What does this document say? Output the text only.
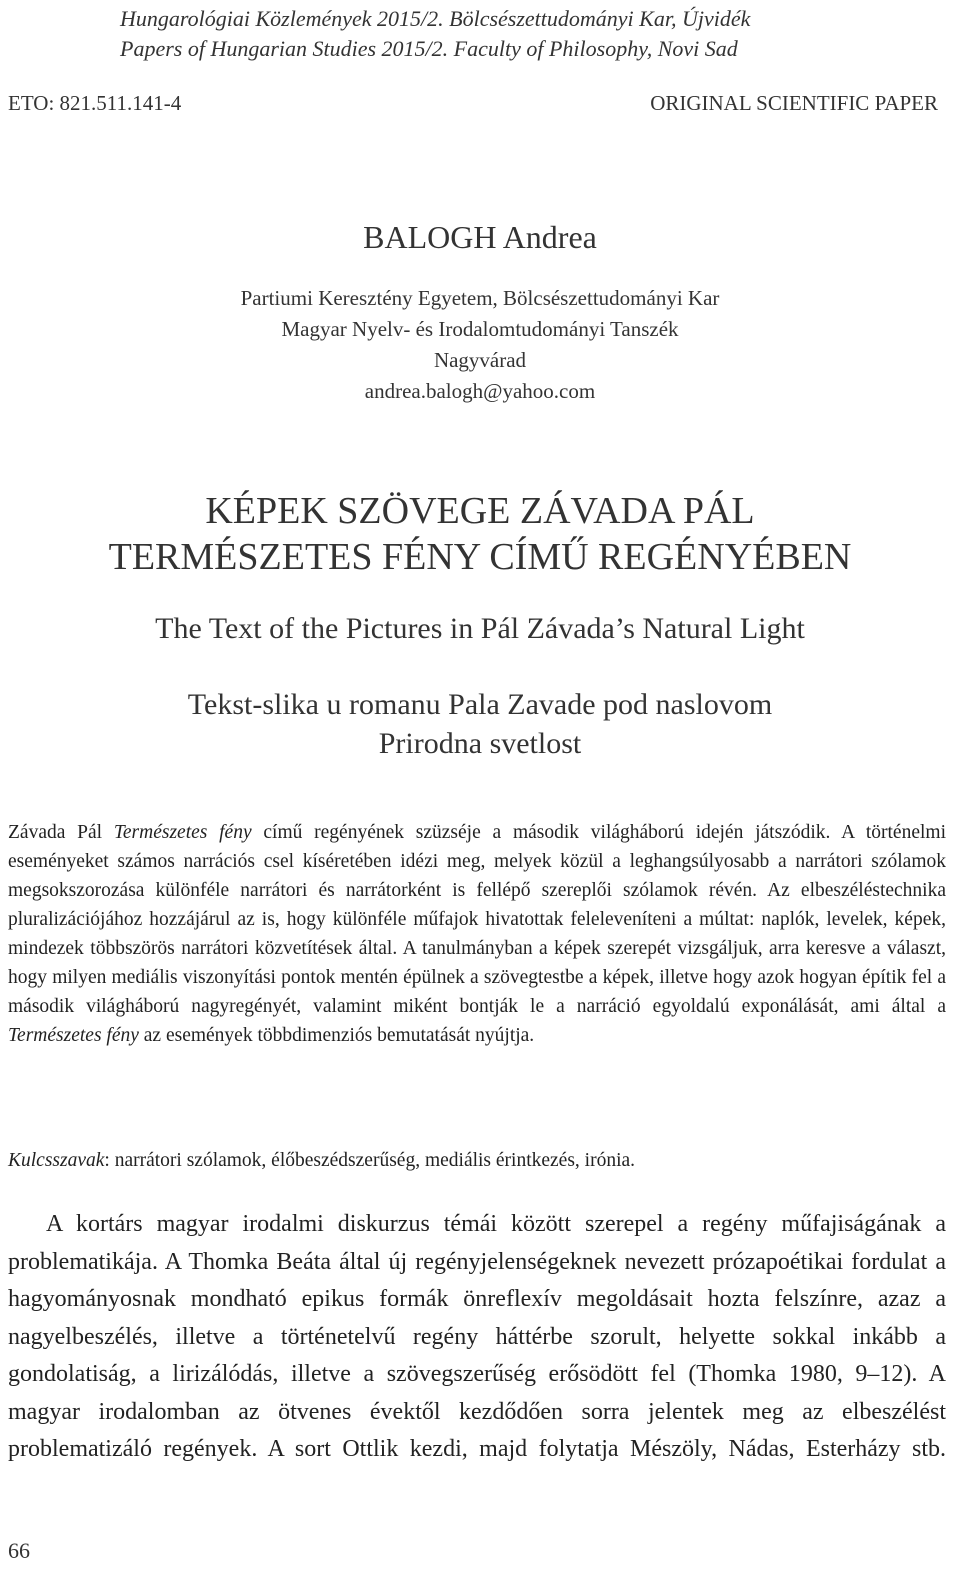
Hungarológiai Közlemények 2015/2. Bölcsészettudományi Kar, Újvidék
Papers of Hungarian Studies 2015/2. Faculty of Philosophy, Novi Sad
ETO: 821.511.141-4	ORIGINAL SCIENTIFIC PAPER
BALOGH Andrea
Partiumi Keresztény Egyetem, Bölcsészettudományi Kar
Magyar Nyelv- és Irodalomtudományi Tanszék
Nagyvárad
andrea.balogh@yahoo.com
KÉPEK SZÖVEGE ZÁVADA PÁL
TERMÉSZETES FÉNY CÍMŰ REGÉNYÉBEN
The Text of the Pictures in Pál Závada’s Natural Light
Tekst-slika u romanu Pala Zavade pod naslovom
Prirodna svetlost
Závada Pál Természetes fény című regényének szüzséje a második világháború idején játszódik. A történelmi eseményeket számos narrációs csel kíséretében idézi meg, melyek közül a leghangsúlyosabb a narrátori szólamok megsokszorozása különféle narrátori és narrátorként is fellépő szereplői szólamok révén. Az elbeszéléstechnika pluralizációjához hozzájárul az is, hogy különféle műfajok hivatottak feleleveníteni a múltat: naplók, levelek, képek, mindezek többszörös narrátori közvetítések által. A tanulmányban a képek szerepét vizsgáljuk, arra keresve a választ, hogy milyen mediális viszonyítási pontok mentén épülnek a szövegtestbe a képek, illetve hogy azok hogyan építik fel a második világháború nagyregényét, valamint miként bontják le a narráció egyoldalú exponálását, ami által a Természetes fény az események többdimenziós bemutatását nyújtja.
Kulcsszavak: narrátori szólamok, élőbeszédszerűség, mediális érintkezés, irónia.
A kortárs magyar irodalmi diskurzus témái között szerepel a regény műfajiságának a problematikája. A Thomka Beáta által új regényjelenségeknek nevezett prózapoétikai fordulat a hagyományosnak mondható epikus formák önreflexív megoldásait hozta felszínre, azaz a nagyelbeszélés, illetve a történetelvű regény háttérbe szorult, helyette sokkal inkább a gondolatiság, a lirizálódás, illetve a szövegszerűség erősödött fel (Thomka 1980, 9–12). A magyar irodalomban az ötvenes évektől kezdődően sorra jelentek meg az elbeszélést problematizáló regények. A sort Ottlik kezdi, majd folytatja Mészöly, Nádas, Esterházy stb.
66
